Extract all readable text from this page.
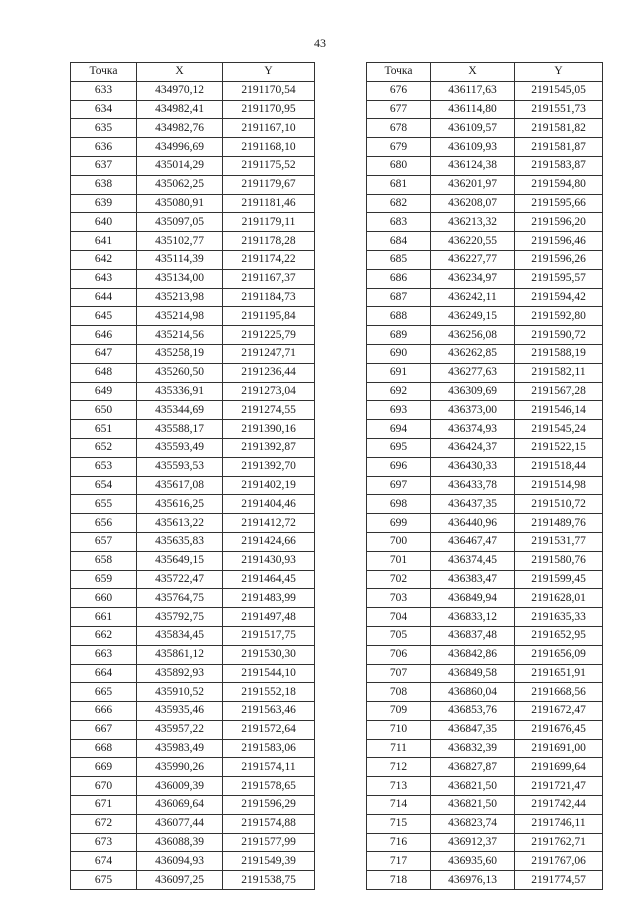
43
Точка	X	Y
633	434970,12	2191170,54
634	434982,41	2191170,95
635	434982,76	2191167,10
636	434996,69	2191168,10
637	435014,29	2191175,52
638	435062,25	2191179,67
639	435080,91	2191181,46
640	435097,05	2191179,11
641	435102,77	2191178,28
642	435114,39	2191174,22
643	435134,00	2191167,37
644	435213,98	2191184,73
645	435214,98	2191195,84
646	435214,56	2191225,79
647	435258,19	2191247,71
648	435260,50	2191236,44
649	435336,91	2191273,04
650	435344,69	2191274,55
651	435588,17	2191390,16
652	435593,49	2191392,87
653	435593,53	2191392,70
654	435617,08	2191402,19
655	435616,25	2191404,46
656	435613,22	2191412,72
657	435635,83	2191424,66
658	435649,15	2191430,93
659	435722,47	2191464,45
660	435764,75	2191483,99
661	435792,75	2191497,48
662	435834,45	2191517,75
663	435861,12	2191530,30
664	435892,93	2191544,10
665	435910,52	2191552,18
666	435935,46	2191563,46
667	435957,22	2191572,64
668	435983,49	2191583,06
669	435990,26	2191574,11
670	436009,39	2191578,65
671	436069,64	2191596,29
672	436077,44	2191574,88
673	436088,39	2191577,99
674	436094,93	2191549,39
675	436097,25	2191538,75
Точка	X	Y
676	436117,63	2191545,05
677	436114,80	2191551,73
678	436109,57	2191581,82
679	436109,93	2191581,87
680	436124,38	2191583,87
681	436201,97	2191594,80
682	436208,07	2191595,66
683	436213,32	2191596,20
684	436220,55	2191596,46
685	436227,77	2191596,26
686	436234,97	2191595,57
687	436242,11	2191594,42
688	436249,15	2191592,80
689	436256,08	2191590,72
690	436262,85	2191588,19
691	436277,63	2191582,11
692	436309,69	2191567,28
693	436373,00	2191546,14
694	436374,93	2191545,24
695	436424,37	2191522,15
696	436430,33	2191518,44
697	436433,78	2191514,98
698	436437,35	2191510,72
699	436440,96	2191489,76
700	436467,47	2191531,77
701	436374,45	2191580,76
702	436383,47	2191599,45
703	436849,94	2191628,01
704	436833,12	2191635,33
705	436837,48	2191652,95
706	436842,86	2191656,09
707	436849,58	2191651,91
708	436860,04	2191668,56
709	436853,76	2191672,47
710	436847,35	2191676,45
711	436832,39	2191691,00
712	436827,87	2191699,64
713	436821,50	2191721,47
714	436821,50	2191742,44
715	436823,74	2191746,11
716	436912,37	2191762,71
717	436935,60	2191767,06
718	436976,13	2191774,57
